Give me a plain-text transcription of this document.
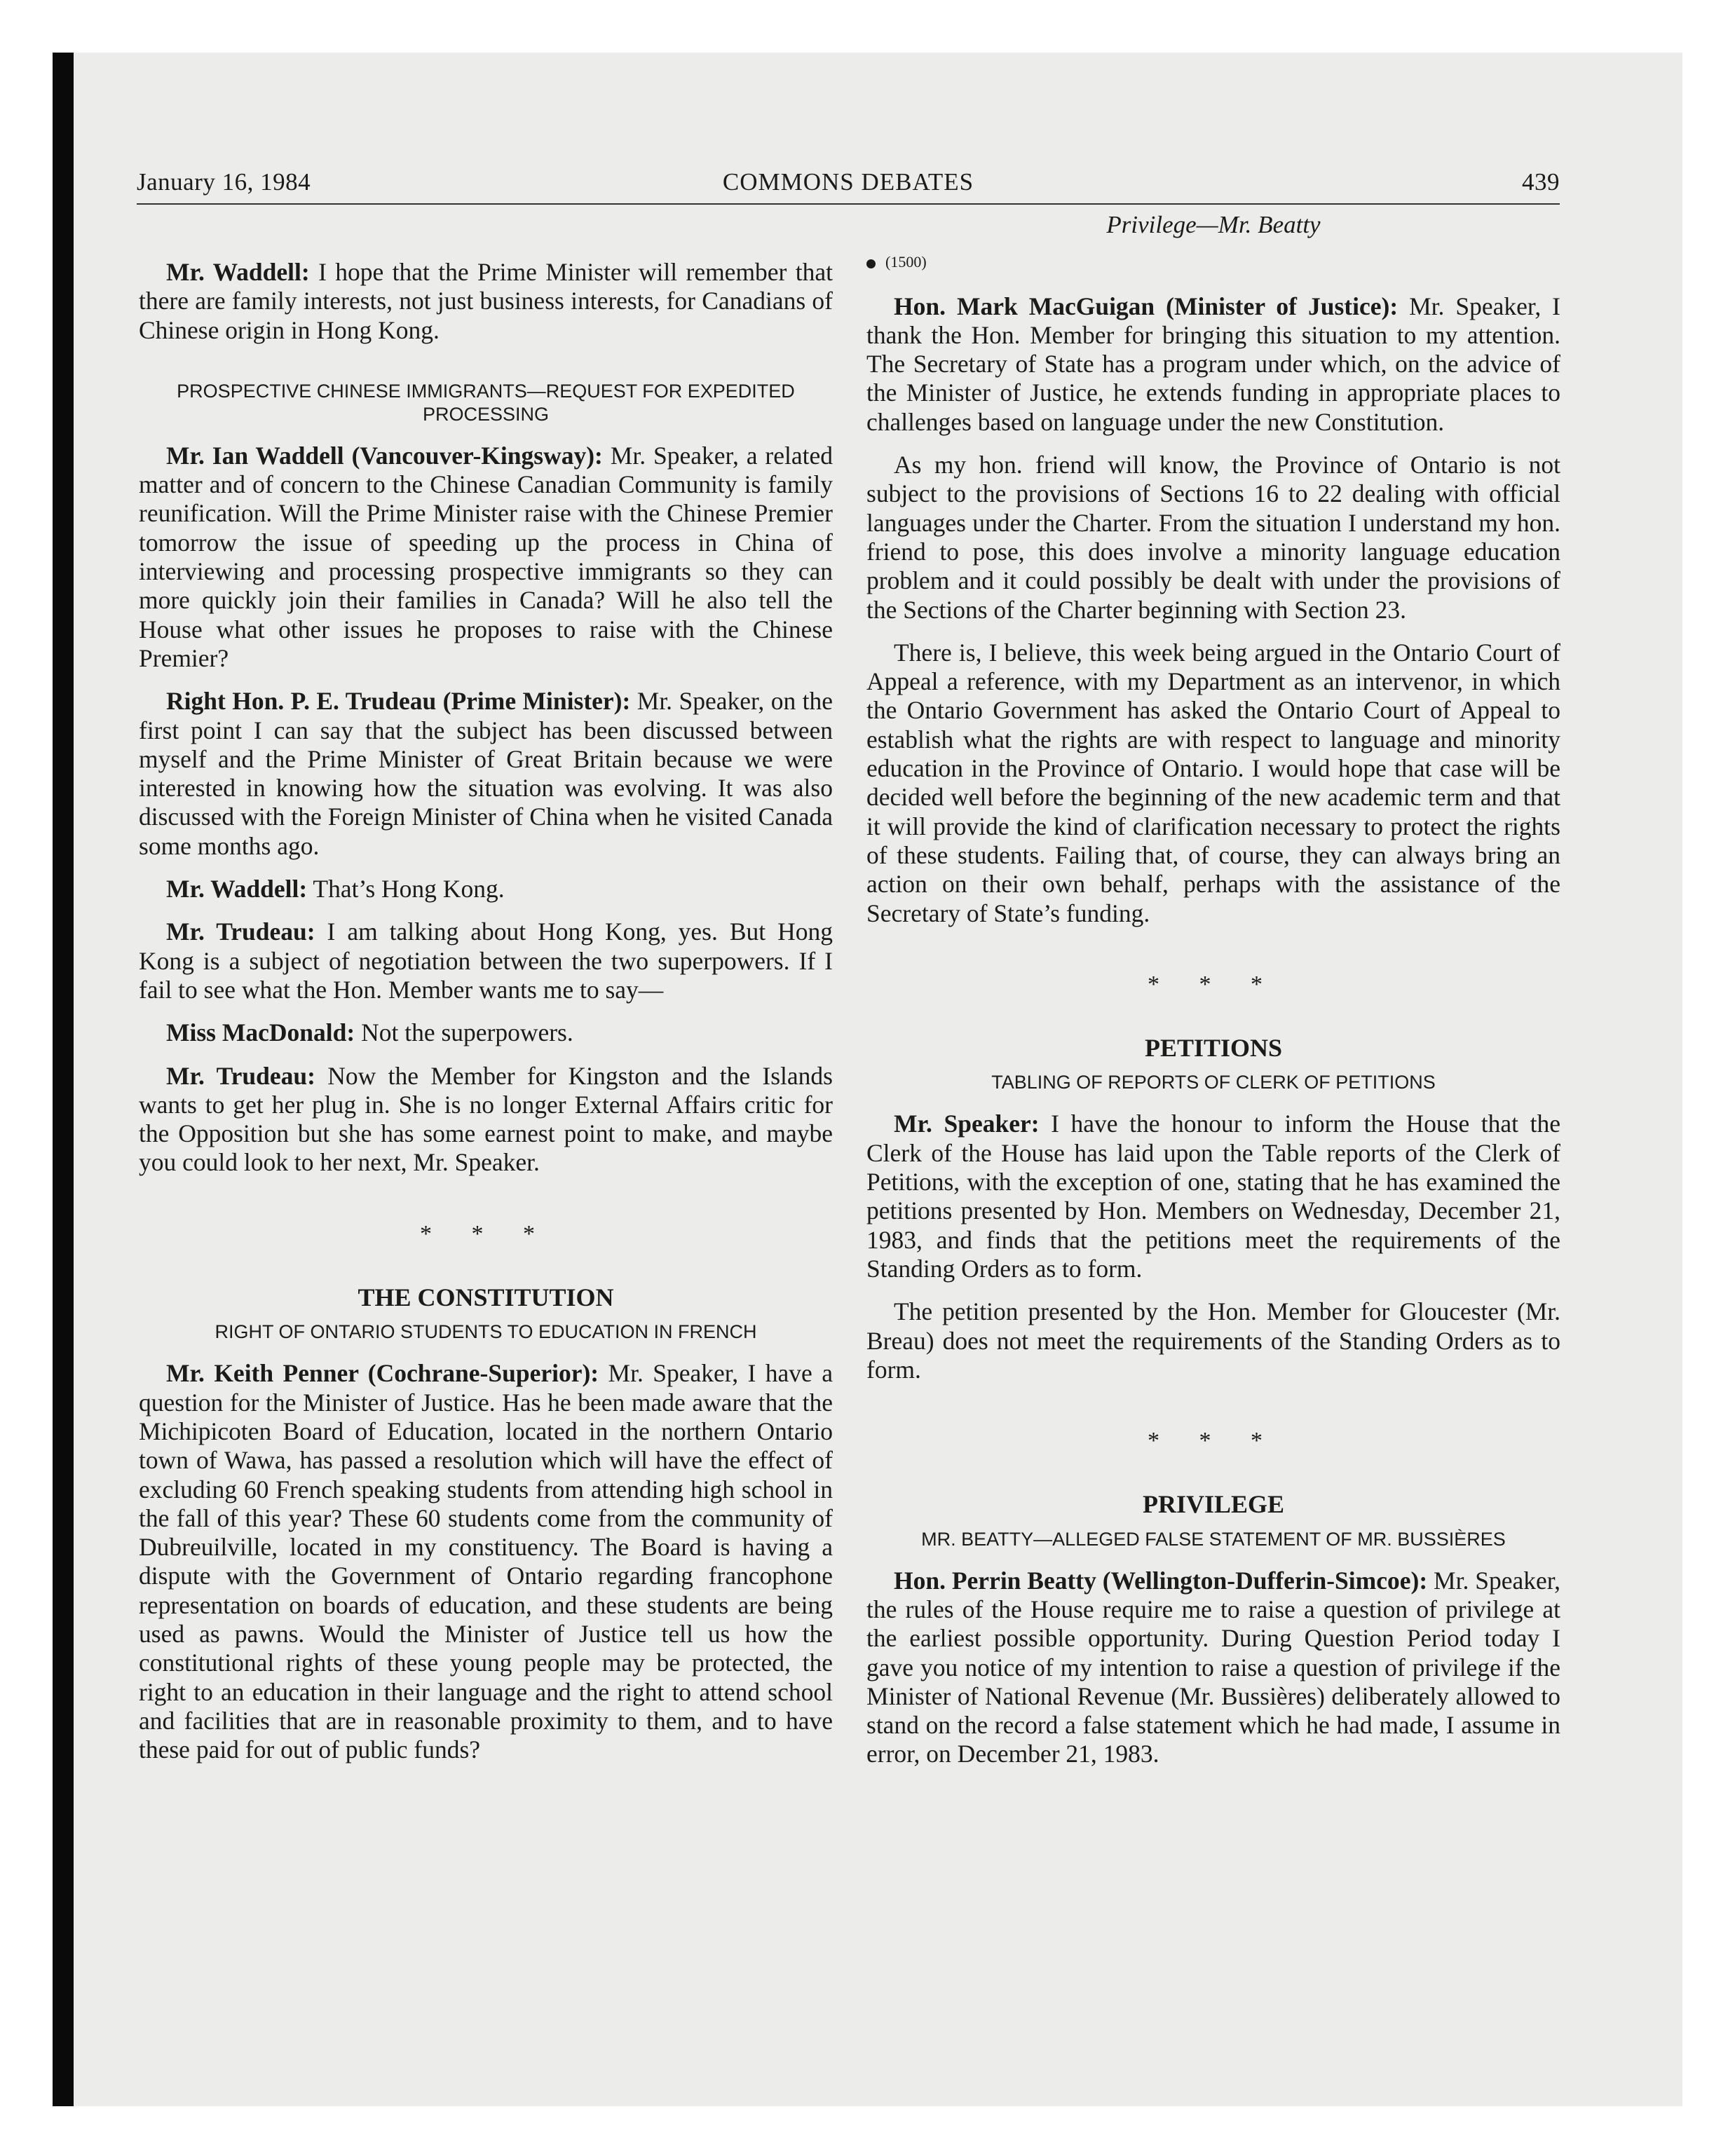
January 16, 1984	COMMONS DEBATES	439

Mr. Waddell: I hope that the Prime Minister will remember that there are family interests, not just business interests, for Canadians of Chinese origin in Hong Kong.

PROSPECTIVE CHINESE IMMIGRANTS—REQUEST FOR EXPEDITED PROCESSING

Mr. Ian Waddell (Vancouver-Kingsway): Mr. Speaker, a related matter and of concern to the Chinese Canadian Community is family reunification. Will the Prime Minister raise with the Chinese Premier tomorrow the issue of speeding up the process in China of interviewing and processing prospective immigrants so they can more quickly join their families in Canada? Will he also tell the House what other issues he proposes to raise with the Chinese Premier?

Right Hon. P. E. Trudeau (Prime Minister): Mr. Speaker, on the first point I can say that the subject has been discussed between myself and the Prime Minister of Great Britain because we were interested in knowing how the situation was evolving. It was also discussed with the Foreign Minister of China when he visited Canada some months ago.

Mr. Waddell: That’s Hong Kong.

Mr. Trudeau: I am talking about Hong Kong, yes. But Hong Kong is a subject of negotiation between the two superpowers. If I fail to see what the Hon. Member wants me to say—

Miss MacDonald: Not the superpowers.

Mr. Trudeau: Now the Member for Kingston and the Islands wants to get her plug in. She is no longer External Affairs critic for the Opposition but she has some earnest point to make, and maybe you could look to her next, Mr. Speaker.

* * *

THE CONSTITUTION

RIGHT OF ONTARIO STUDENTS TO EDUCATION IN FRENCH

Mr. Keith Penner (Cochrane-Superior): Mr. Speaker, I have a question for the Minister of Justice. Has he been made aware that the Michipicoten Board of Education, located in the northern Ontario town of Wawa, has passed a resolution which will have the effect of excluding 60 French speaking students from attending high school in the fall of this year? These 60 students come from the community of Dubreuilville, located in my constituency. The Board is having a dispute with the Government of Ontario regarding francophone representation on boards of education, and these students are being used as pawns. Would the Minister of Justice tell us how the constitutional rights of these young people may be protected, the right to an education in their language and the right to attend school and facilities that are in reasonable proximity to them, and to have these paid for out of public funds?

Privilege—Mr. Beatty

(1500)

Hon. Mark MacGuigan (Minister of Justice): Mr. Speaker, I thank the Hon. Member for bringing this situation to my attention. The Secretary of State has a program under which, on the advice of the Minister of Justice, he extends funding in appropriate places to challenges based on language under the new Constitution.

As my hon. friend will know, the Province of Ontario is not subject to the provisions of Sections 16 to 22 dealing with official languages under the Charter. From the situation I understand my hon. friend to pose, this does involve a minority language education problem and it could possibly be dealt with under the provisions of the Sections of the Charter beginning with Section 23.

There is, I believe, this week being argued in the Ontario Court of Appeal a reference, with my Department as an intervenor, in which the Ontario Government has asked the Ontario Court of Appeal to establish what the rights are with respect to language and minority education in the Province of Ontario. I would hope that case will be decided well before the beginning of the new academic term and that it will provide the kind of clarification necessary to protect the rights of these students. Failing that, of course, they can always bring an action on their own behalf, perhaps with the assistance of the Secretary of State’s funding.

* * *

PETITIONS

TABLING OF REPORTS OF CLERK OF PETITIONS

Mr. Speaker: I have the honour to inform the House that the Clerk of the House has laid upon the Table reports of the Clerk of Petitions, with the exception of one, stating that he has examined the petitions presented by Hon. Members on Wednesday, December 21, 1983, and finds that the petitions meet the requirements of the Standing Orders as to form.

The petition presented by the Hon. Member for Gloucester (Mr. Breau) does not meet the requirements of the Standing Orders as to form.

* * *

PRIVILEGE

MR. BEATTY—ALLEGED FALSE STATEMENT OF MR. BUSSIÈRES

Hon. Perrin Beatty (Wellington-Dufferin-Simcoe): Mr. Speaker, the rules of the House require me to raise a question of privilege at the earliest possible opportunity. During Question Period today I gave you notice of my intention to raise a question of privilege if the Minister of National Revenue (Mr. Bussières) deliberately allowed to stand on the record a false statement which he had made, I assume in error, on December 21, 1983.
